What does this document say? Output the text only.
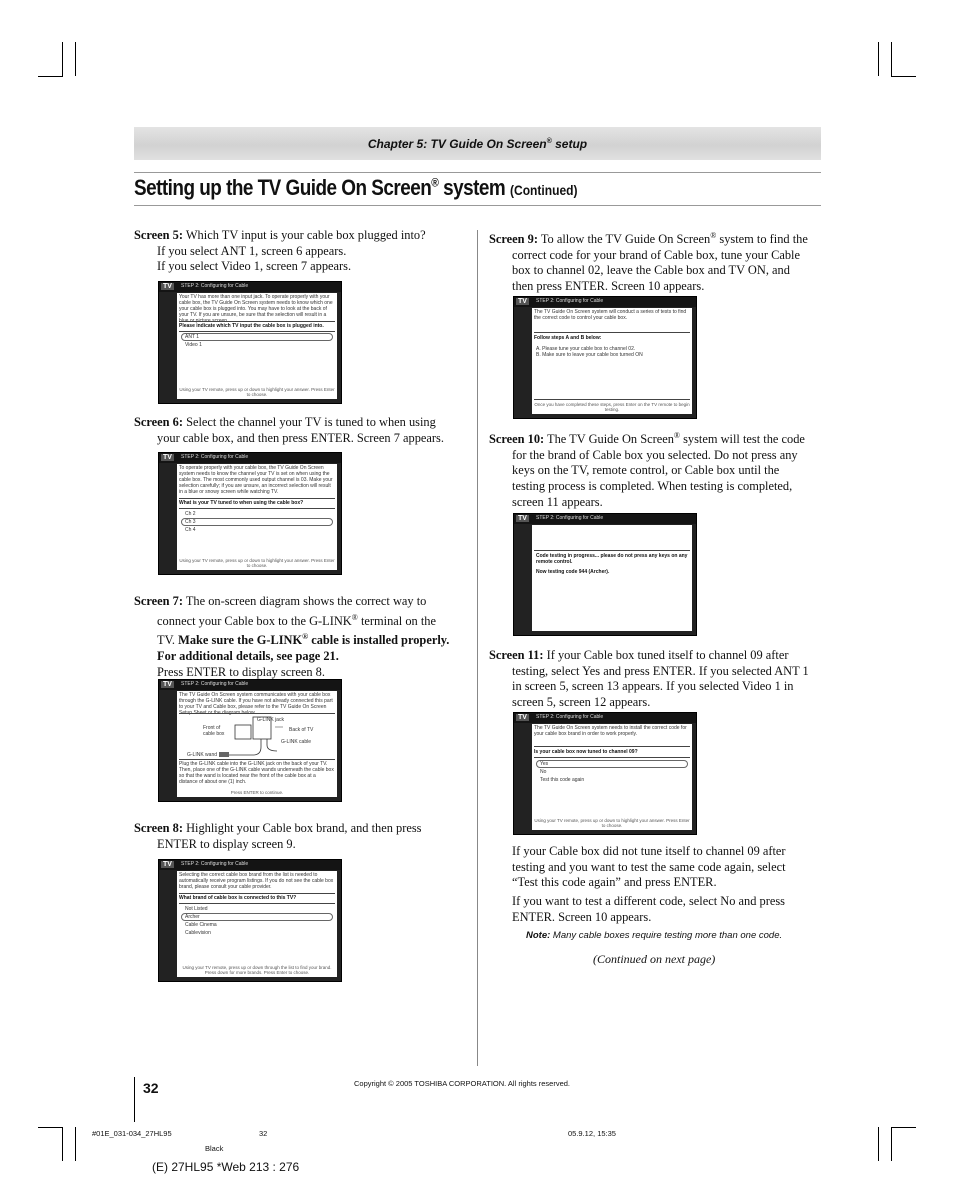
Chapter 5: TV Guide On Screen® setup
Setting up the TV Guide On Screen® system (Continued)
Screen 5: Which TV input is your cable box plugged into?
If you select ANT 1, screen 6 appears.
If you select Video 1, screen 7 appears.
TV	STEP 2: Configuring for Cable
Your TV has more than one input jack. To operate properly with your cable box, the TV Guide On Screen system needs to know which one your cable box is plugged into. You may have to look at the back of your TV. If you are unsure, be sure that the selection will result in a
Please indicate which TV input the cable box is plugged into.
ANT 1
Video 1
Using your TV remote, press up or down to highlight your answer. Press Enter to choose.
Screen 6: Select the channel your TV is tuned to when using
your cable box, and then press ENTER. Screen 7 appears.
TV	STEP 2: Configuring for Cable
To operate properly with your cable box, the TV Guide On Screen system needs to know the channel your TV is set on when using the cable box. The most commonly used output channel is 03. Make your selection carefully; if you are unsure, an incorrect selection will result in a blue or snowy screen while watching TV.
What is your TV tuned to when using the cable box?
Ch 2
Ch 3
Ch 4
Using your TV remote, press up or down to highlight your answer. Press Enter to choose.
Screen 7: The on-screen diagram shows the correct way to
connect your Cable box to the G-LINK® terminal on the
TV. Make sure the G-LINK® cable is installed properly.
For additional details, see page 21.
Press ENTER to display screen 8.
TV	STEP 2: Configuring for Cable
The TV Guide On Screen system communicates with your cable box through the G-LINK cable. If you have not already connected this part to your TV and Cable box, please refer to the TV Guide On Screen
G-LINK jack
Front of cable box
Back of TV
G-LINK cable
G-LINK wand
Plug the G-LINK cable into the G-LINK jack on the back of your TV. Then, place one of the G-LINK cable wands underneath the cable box so that the wand is located near the front of the cable box at a distance of about one (1) inch.
Press ENTER to continue.
Screen 8: Highlight your Cable box brand, and then press
ENTER to display screen 9.
TV	STEP 2: Configuring for Cable
Selecting the correct cable box brand from the list is needed to automatically receive program listings. If you do not see the cable box brand, please consult your cable provider.
What brand of cable box is connected to this TV?
Not Listed
Archer
Cable Cinema
Cablevision
Using your TV remote, press up or down through the list to find your brand. Press down for more brands. Press Enter to choose.
Screen 9: To allow the TV Guide On Screen® system to find the
correct code for your brand of Cable box, tune your Cable
box to channel 02, leave the Cable box and TV ON, and
then press ENTER. Screen 10 appears.
TV	STEP 2: Configuring for Cable
The TV Guide On Screen system will conduct a series of tests to find the correct code to control your cable box.
Follow steps A and B below:
A. Please tune your cable box to channel 02.
B. Make sure to leave your cable box turned ON
Once you have completed these steps, press Enter on the TV remote to begin testing.
Screen 10: The TV Guide On Screen® system will test the code
for the brand of Cable box you selected. Do not press any
keys on the TV, remote control, or Cable box until the
testing process is completed. When testing is completed,
screen 11 appears.
TV	STEP 2: Configuring for Cable
Code testing in progress... please do not press any keys on any remote control.
Now testing code 944 (Archer).
Screen 11: If your Cable box tuned itself to channel 09 after
testing, select Yes and press ENTER. If you selected ANT 1
in screen 5, screen 13 appears. If you selected Video 1 in
screen 5, screen 12 appears.
TV	STEP 2: Configuring for Cable
The TV Guide On Screen system needs to install the correct code for your cable box brand in order to work properly.
Is your cable box now tuned to channel 09?
Yes
No
Test this code again
Using your TV remote, press up or down to highlight your answer. Press Enter to choose.
If your Cable box did not tune itself to channel 09 after
testing and you want to test the same code again, select
“Test this code again” and press ENTER.
If you want to test a different code, select No and press
ENTER. Screen 10 appears.
Note: Many cable boxes require testing more than one code.
(Continued on next page)
32	Copyright © 2005 TOSHIBA CORPORATION. All rights reserved.
#01E_031-034_27HL95	32	05.9.12, 15:35
Black
(E) 27HL95 *Web 213 : 276
